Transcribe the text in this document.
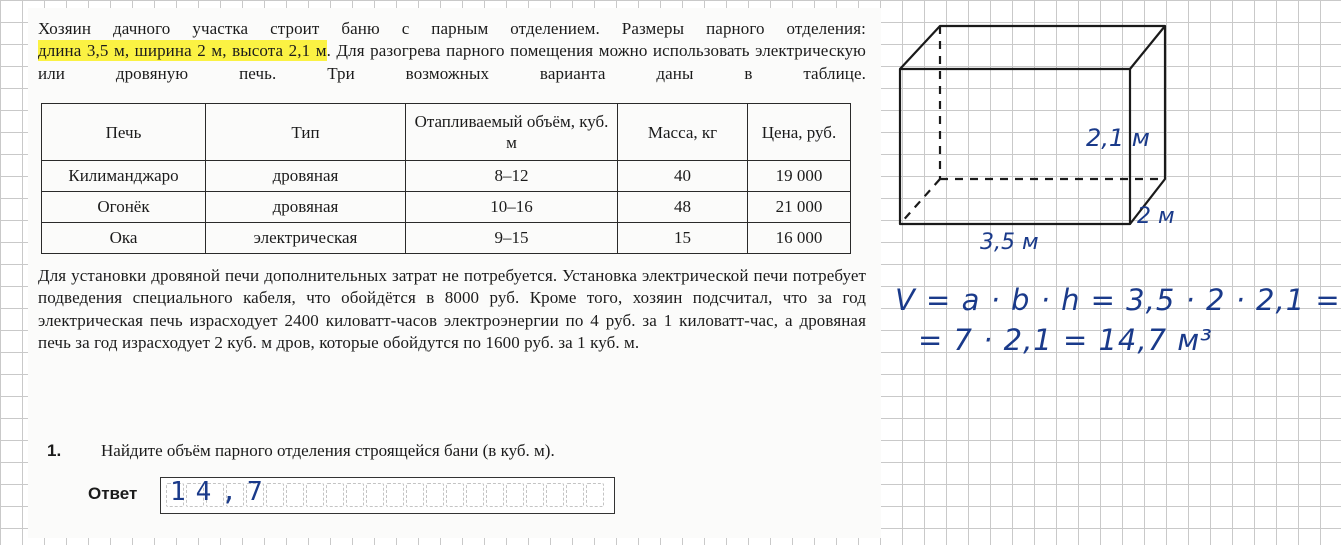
Хозяин дачного участка строит баню с парным отделением. Размеры парного отделения:
длина 3,5 м, ширина 2 м, высота 2,1 м. Для разогрева парного помещения можно использовать электрическую или дровяную печь. Три возможных варианта даны в таблице.

Печь	Тип	Отапливаемый объём, куб. м	Масса, кг	Цена, руб.
Килиманджаро	дровяная	8–12	40	19 000
Огонёк	дровяная	10–16	48	21 000
Ока	электрическая	9–15	15	16 000

Для установки дровяной печи дополнительных затрат не потребуется. Установка электрической печи потребует подведения специального кабеля, что обойдётся в 8000 руб. Кроме того, хозяин подсчитал, что за год электрическая печь израсходует 2400 киловатт-часов электроэнергии по 4 руб. за 1 киловатт-час, а дровяная печь за год израсходует 2 куб. м дров, которые обойдутся по 1600 руб. за 1 куб. м.

1. Найдите объём парного отделения строящейся бани (в куб. м).
Ответ 14,7
2,1 м
2 м
3,5 м
V = a · b · h = 3,5 · 2 · 2,1 =
= 7 · 2,1 = 14,7 м³
